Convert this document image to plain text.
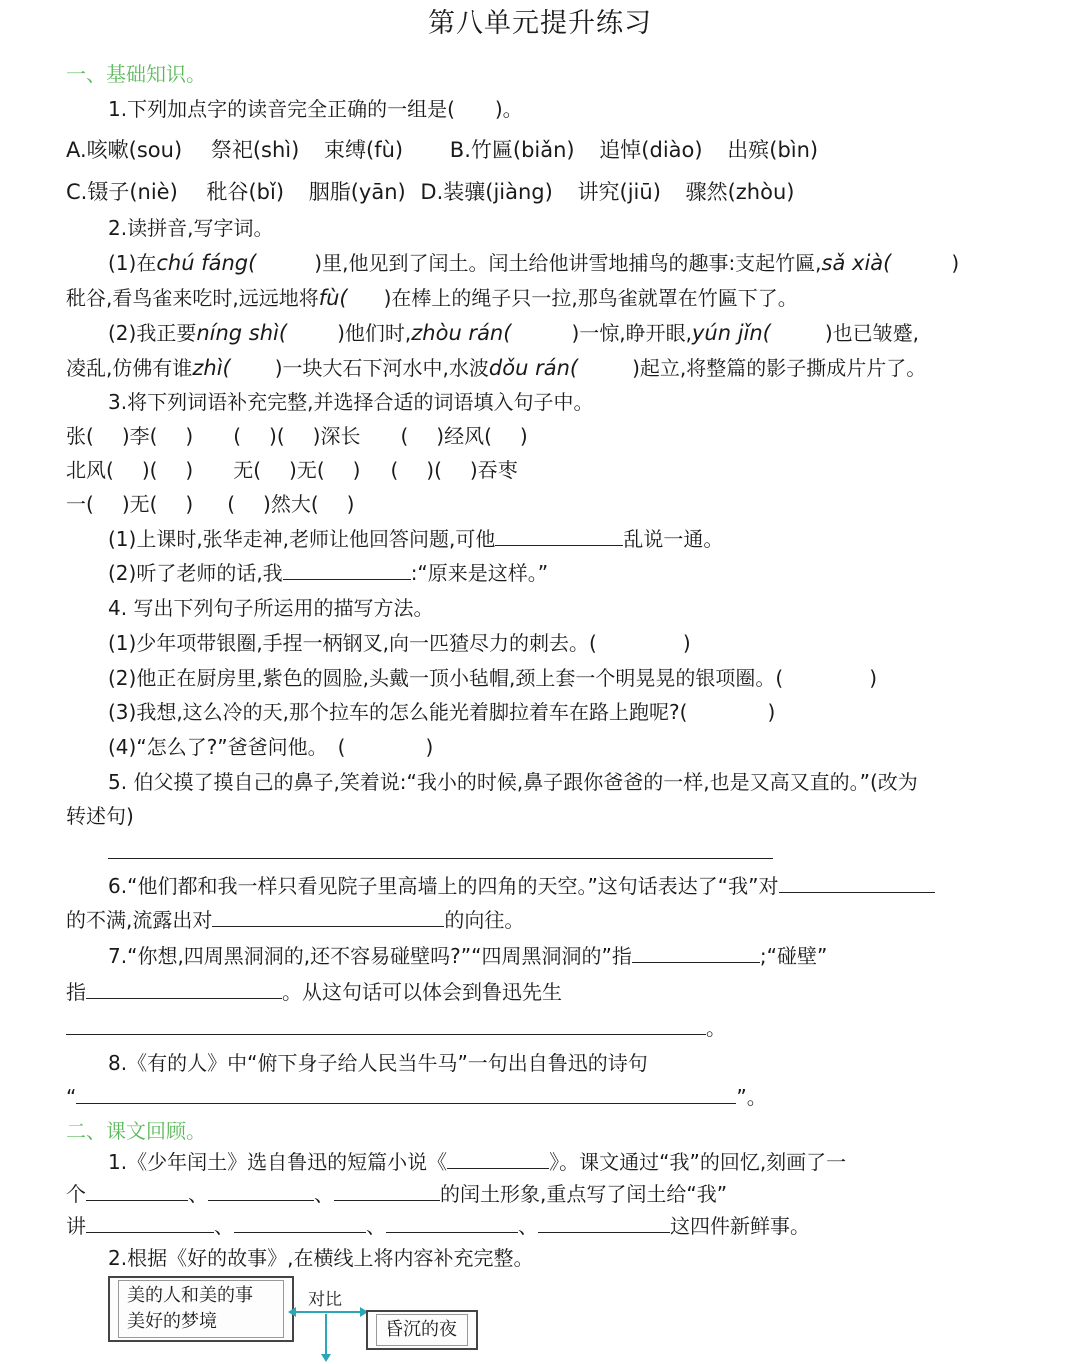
第八单元提升练习
一、基础知识。
1.下列加点字的读音完全正确的一组是(　　)。
A.咳嗽(sou) 祭祀(shì) 束缚(fù) B.竹匾(biǎn) 追悼(diào) 出殡(bìn)
C.镊子(niè) 秕谷(bǐ) 胭脂(yān) D.装骧(jiàng) 讲究(jiū) 骤然(zhòu)
2.读拼音,写字词。
(1)在chú fáng(	)里,他见到了闰土。闰土给他讲雪地捕鸟的趣事:支起竹匾,sǎ xià(	)
秕谷,看鸟雀来吃时,远远地将fù( )在棒上的绳子只一拉,那鸟雀就罩在竹匾下了。
(2)我正要níng shì(	)他们时,zhòu rán(	)一惊,睁开眼,yún jǐn(	)也已皱蹙,
凌乱,仿佛有谁zhì( )一块大石下河水中,水波dǒu rán(	)起立,将整篇的影子撕成片片了。
3.将下列词语补充完整,并选择合适的词语填入句子中。
张( )李( ) ( )( )深长 ( )经风( )
北风( )( ) 无( )无( ) ( )( )吞枣
一( )无( ) ( )然大( )
(1)上课时,张华走神,老师让他回答问题,可他	乱说一通。
(2)听了老师的话,我	:“原来是这样。”
4. 写出下列句子所运用的描写方法。
(1)少年项带银圈,手捏一柄钢叉,向一匹猹尽力的刺去。(	)
(2)他正在厨房里,紫色的圆脸,头戴一顶小毡帽,颈上套一个明晃晃的银项圈。(	)
(3)我想,这么冷的天,那个拉车的怎么能光着脚拉着车在路上跑呢?(	)
(4)“怎么了?”爸爸问他。　(	)
5. 伯父摸了摸自己的鼻子,笑着说:“我小的时候,鼻子跟你爸爸的一样,也是又高又直的。”(改为
转述句)
6.“他们都和我一样只看见院子里高墙上的四角的天空。”这句话表达了“我”对
的不满,流露出对	的向往。
7.“你想,四周黑洞洞的,还不容易碰壁吗?”“四周黑洞洞的”指	;“碰壁”
指	。从这句话可以体会到鲁迅先生
。
8.《有的人》中“俯下身子给人民当牛马”一句出自鲁迅的诗句
“	”。
二、课文回顾。
1.《少年闰土》选自鲁迅的短篇小说《	》。课文通过“我”的回忆,刻画了一
个	、	、	的闰土形象,重点写了闰土给“我”
讲	、	、	、	这四件新鲜事。
2.根据《好的故事》,在横线上将内容补充完整。
美的人和美的事
美好的梦境
对比
昏沉的夜
